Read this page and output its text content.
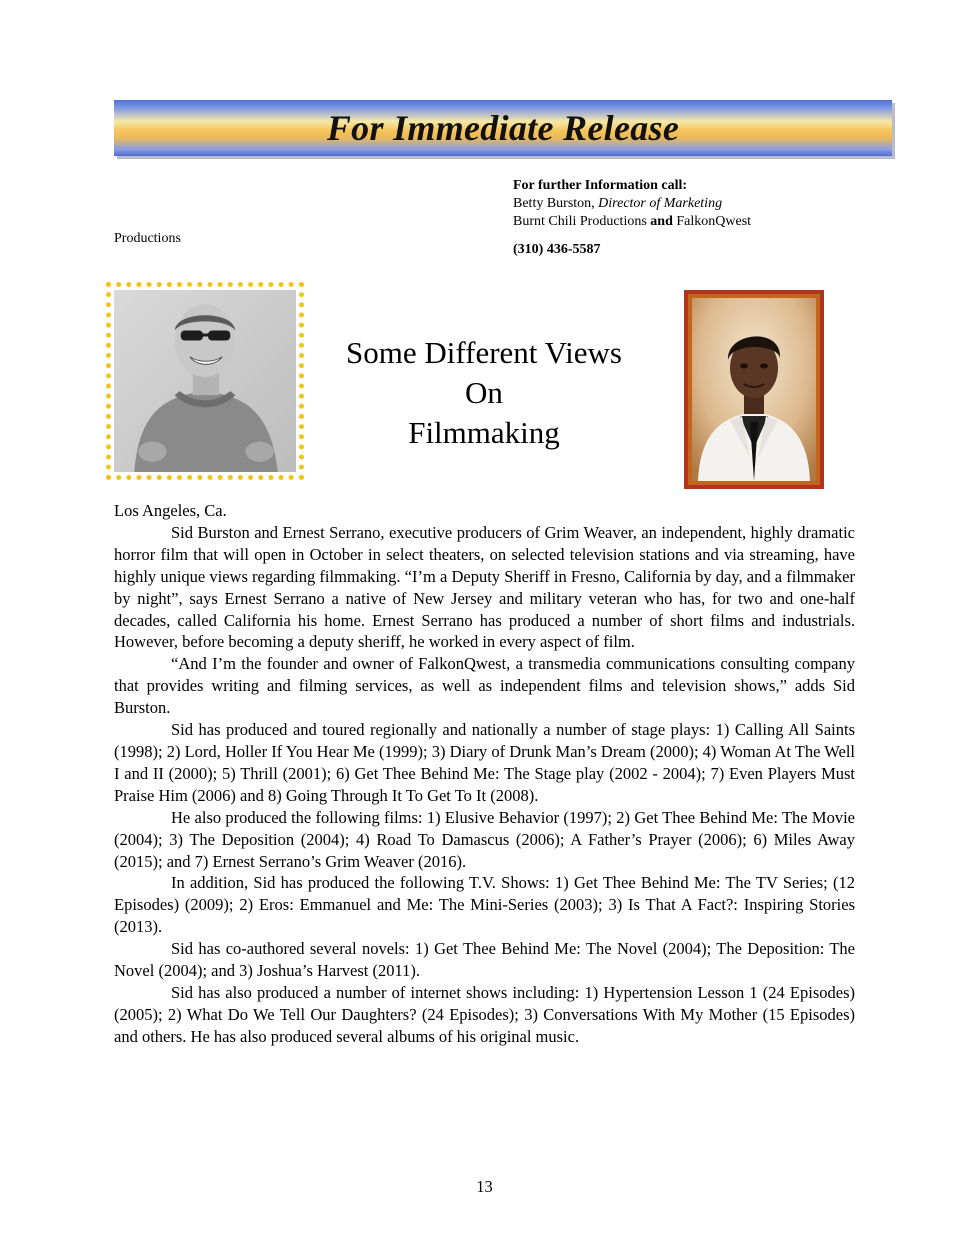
For Immediate Release
For further Information call:
Betty Burston, Director of Marketing
Burnt Chili Productions and FalkonQwest
(310) 436-5587
Productions
Some Different Views
On
Filmmaking

Los Angeles, Ca.

Sid Burston and Ernest Serrano, executive producers of Grim Weaver, an independent, highly dramatic horror film that will open in October in select theaters, on selected television stations and via streaming, have highly unique views regarding filmmaking. “I’m a Deputy Sheriff in Fresno, California by day, and a filmmaker by night”, says Ernest Serrano a native of New Jersey and military veteran who has, for two and one-half decades, called California his home. Ernest Serrano has produced a number of short films and industrials. However, before becoming a deputy sheriff, he worked in every aspect of film.

“And I’m the founder and owner of FalkonQwest, a transmedia communications consulting company that provides writing and filming services, as well as independent films and television shows,” adds Sid Burston.

Sid has produced and toured regionally and nationally a number of stage plays: 1) Calling All Saints (1998); 2) Lord, Holler If You Hear Me (1999); 3) Diary of Drunk Man’s Dream (2000); 4) Woman At The Well I and II (2000); 5) Thrill (2001); 6) Get Thee Behind Me: The Stage play (2002 - 2004); 7) Even Players Must Praise Him (2006) and 8) Going Through It To Get To It (2008).

He also produced the following films: 1) Elusive Behavior (1997); 2) Get Thee Behind Me: The Movie (2004); 3) The Deposition (2004); 4) Road To Damascus (2006); A Father’s Prayer (2006); 6) Miles Away (2015); and 7) Ernest Serrano’s Grim Weaver (2016).

In addition, Sid has produced the following T.V. Shows: 1) Get Thee Behind Me: The TV Series; (12 Episodes) (2009); 2) Eros: Emmanuel and Me: The Mini-Series (2003); 3) Is That A Fact?: Inspiring Stories (2013).

Sid has co-authored several novels: 1) Get Thee Behind Me: The Novel (2004); The Deposition: The Novel (2004); and 3) Joshua’s Harvest (2011).

Sid has also produced a number of internet shows including: 1) Hypertension Lesson 1 (24 Episodes) (2005); 2) What Do We Tell Our Daughters? (24 Episodes); 3) Conversations With My Mother (15 Episodes) and others. He has also produced several albums of his original music.

13
